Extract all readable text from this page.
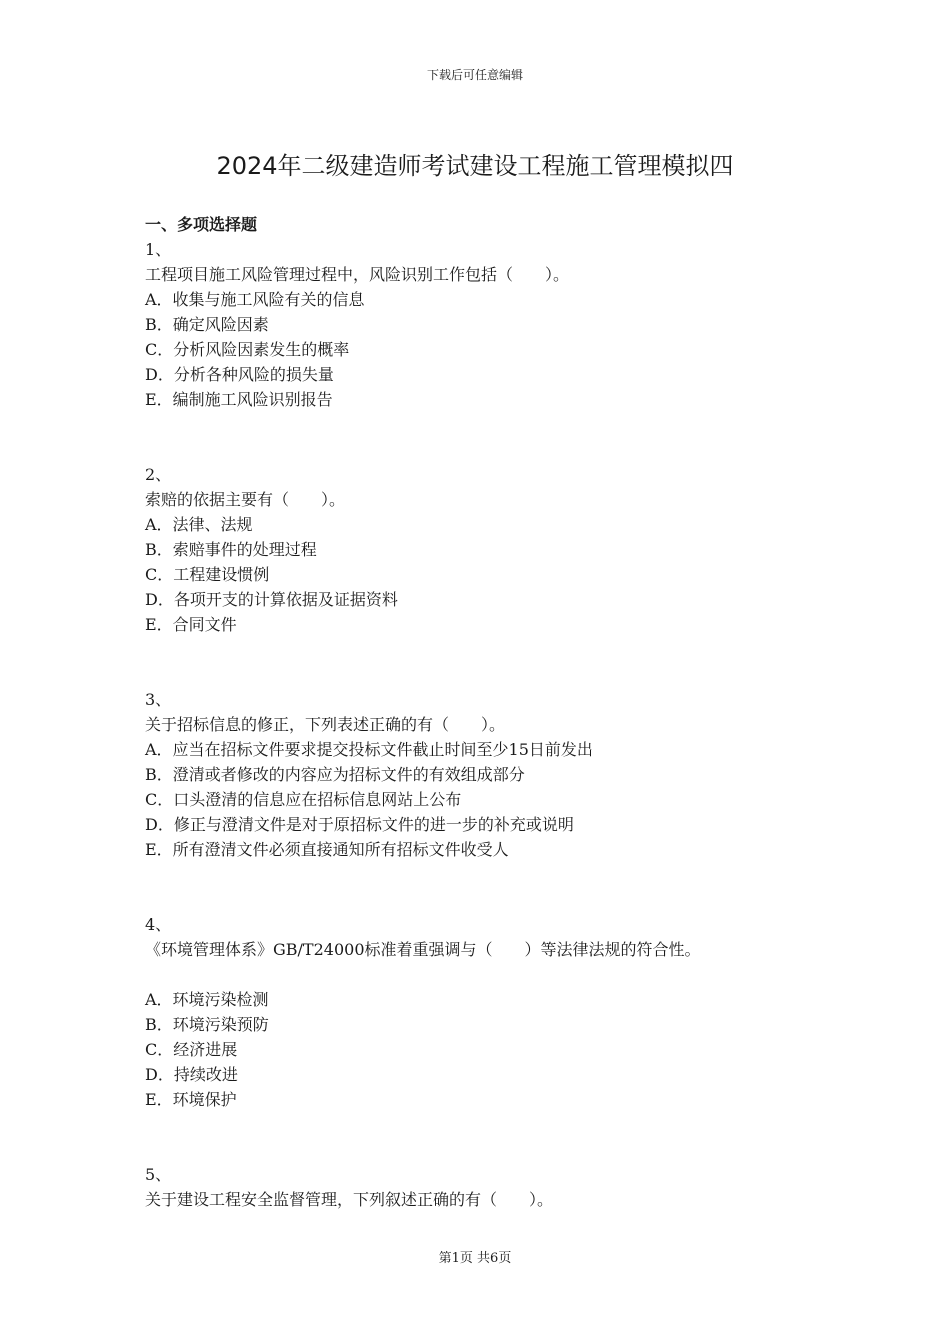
下载后可任意编辑
2024年二级建造师考试建设工程施工管理模拟四
一、多项选择题
1、
工程项目施工风险管理过程中，风险识别工作包括（　　）。
A．收集与施工风险有关的信息
B．确定风险因素
C．分析风险因素发生的概率
D．分析各种风险的损失量
E．编制施工风险识别报告
2、
索赔的依据主要有（　　）。
A．法律、法规
B．索赔事件的处理过程
C．工程建设惯例
D．各项开支的计算依据及证据资料
E．合同文件
3、
关于招标信息的修正，下列表述正确的有（　　）。
A．应当在招标文件要求提交投标文件截止时间至少15日前发出
B．澄清或者修改的内容应为招标文件的有效组成部分
C．口头澄清的信息应在招标信息网站上公布
D．修正与澄清文件是对于原招标文件的进一步的补充或说明
E．所有澄清文件必须直接通知所有招标文件收受人
4、
《环境管理体系》GB/T24000标准着重强调与（　　）等法律法规的符合性。
A．环境污染检测
B．环境污染预防
C．经济进展
D．持续改进
E．环境保护
5、
关于建设工程安全监督管理，下列叙述正确的有（　　）。
第1页 共6页
